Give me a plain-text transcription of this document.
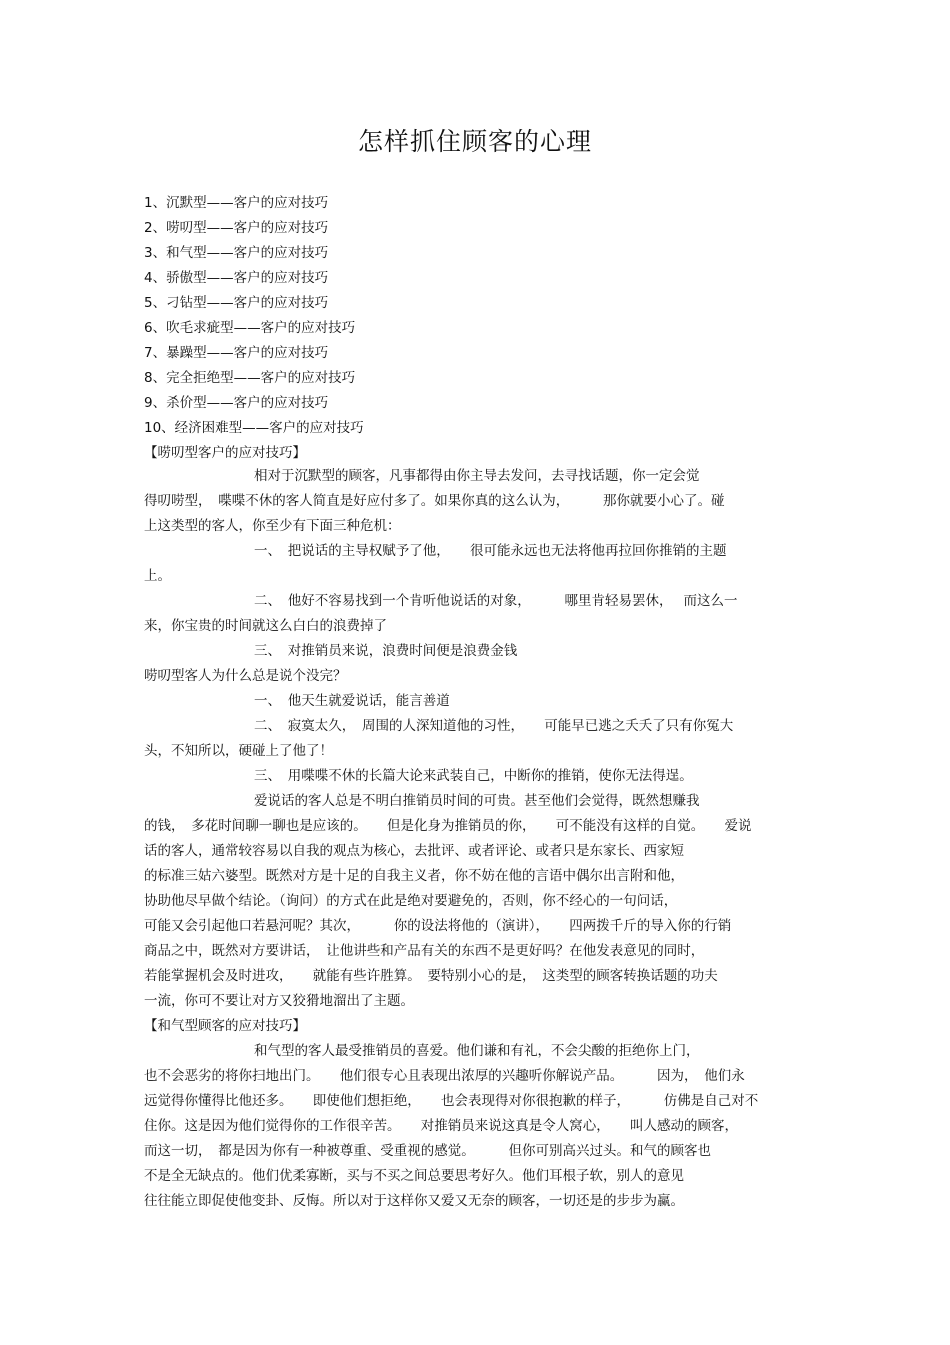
怎样抓住顾客的心理
1、沉默型——客户的应对技巧
2、唠叨型——客户的应对技巧
3、和气型——客户的应对技巧
4、骄傲型——客户的应对技巧
5、刁钻型——客户的应对技巧
6、吹毛求疵型——客户的应对技巧
7、暴躁型——客户的应对技巧
8、完全拒绝型——客户的应对技巧
9、杀价型——客户的应对技巧
10、经济困难型——客户的应对技巧
【唠叨型客户的应对技巧】
相对于沉默型的顾客，凡事都得由你主导去发问，去寻找话题，你一定会觉
得叨唠型，　喋喋不休的客人简直是好应付多了。如果你真的这么认为，　　　那你就要小心了。碰
上这类型的客人，你至少有下面三种危机：
一、　把说话的主导权赋予了他，　　很可能永远也无法将他再拉回你推销的主题
上。
二、　他好不容易找到一个肯听他说话的对象，　　　哪里肯轻易罢休，　 而这么一
来，你宝贵的时间就这么白白的浪费掉了
三、　对推销员来说，浪费时间便是浪费金钱
唠叨型客人为什么总是说个没完？
一、　他天生就爱说话，能言善道
二、　寂寞太久，　周围的人深知道他的习性，　　可能早已逃之夭夭了只有你冤大
头，不知所以，硬碰上了他了！
三、　用喋喋不休的长篇大论来武装自己，中断你的推销，使你无法得逞。
爱说话的客人总是不明白推销员时间的可贵。甚至他们会觉得，既然想赚我
的钱，　多花时间聊一聊也是应该的。　　但是化身为推销员的你，　　可不能没有这样的自觉。　　爱说
话的客人，通常较容易以自我的观点为核心，去批评、或者评论、或者只是东家长、西家短
的标准三姑六婆型。既然对方是十足的自我主义者，你不妨在他的言语中偶尔出言附和他，
协助他尽早做个结论。（询问）的方式在此是绝对要避免的，否则，你不经心的一句问话，
可能又会引起他口若悬河呢？其次，　　　你的设法将他的（演讲），　　四两拨千斤的导入你的行销
商品之中，既然对方要讲话，　让他讲些和产品有关的东西不是更好吗？在他发表意见的同时，
若能掌握机会及时进攻，　　就能有些许胜算。　要特别小心的是，　这类型的顾客转换话题的功夫
一流，你可不要让对方又狡猾地溜出了主题。
【和气型顾客的应对技巧】
和气型的客人最受推销员的喜爱。他们谦和有礼，不会尖酸的拒绝你上门，
也不会恶劣的将你扫地出门。　　他们很专心且表现出浓厚的兴趣听你解说产品。　　　因为，　他们永
远觉得你懂得比他还多。　　即使他们想拒绝，　　也会表现得对你很抱歉的样子，　　　仿佛是自己对不
住你。这是因为他们觉得你的工作很辛苦。　　对推销员来说这真是令人窝心，　　叫人感动的顾客，
而这一切，　都是因为你有一种被尊重、受重视的感觉。　　　但你可别高兴过头。和气的顾客也
不是全无缺点的。他们优柔寡断，买与不买之间总要思考好久。他们耳根子软，别人的意见
往往能立即促使他变卦、反悔。所以对于这样你又爱又无奈的顾客，一切还是的步步为赢。
